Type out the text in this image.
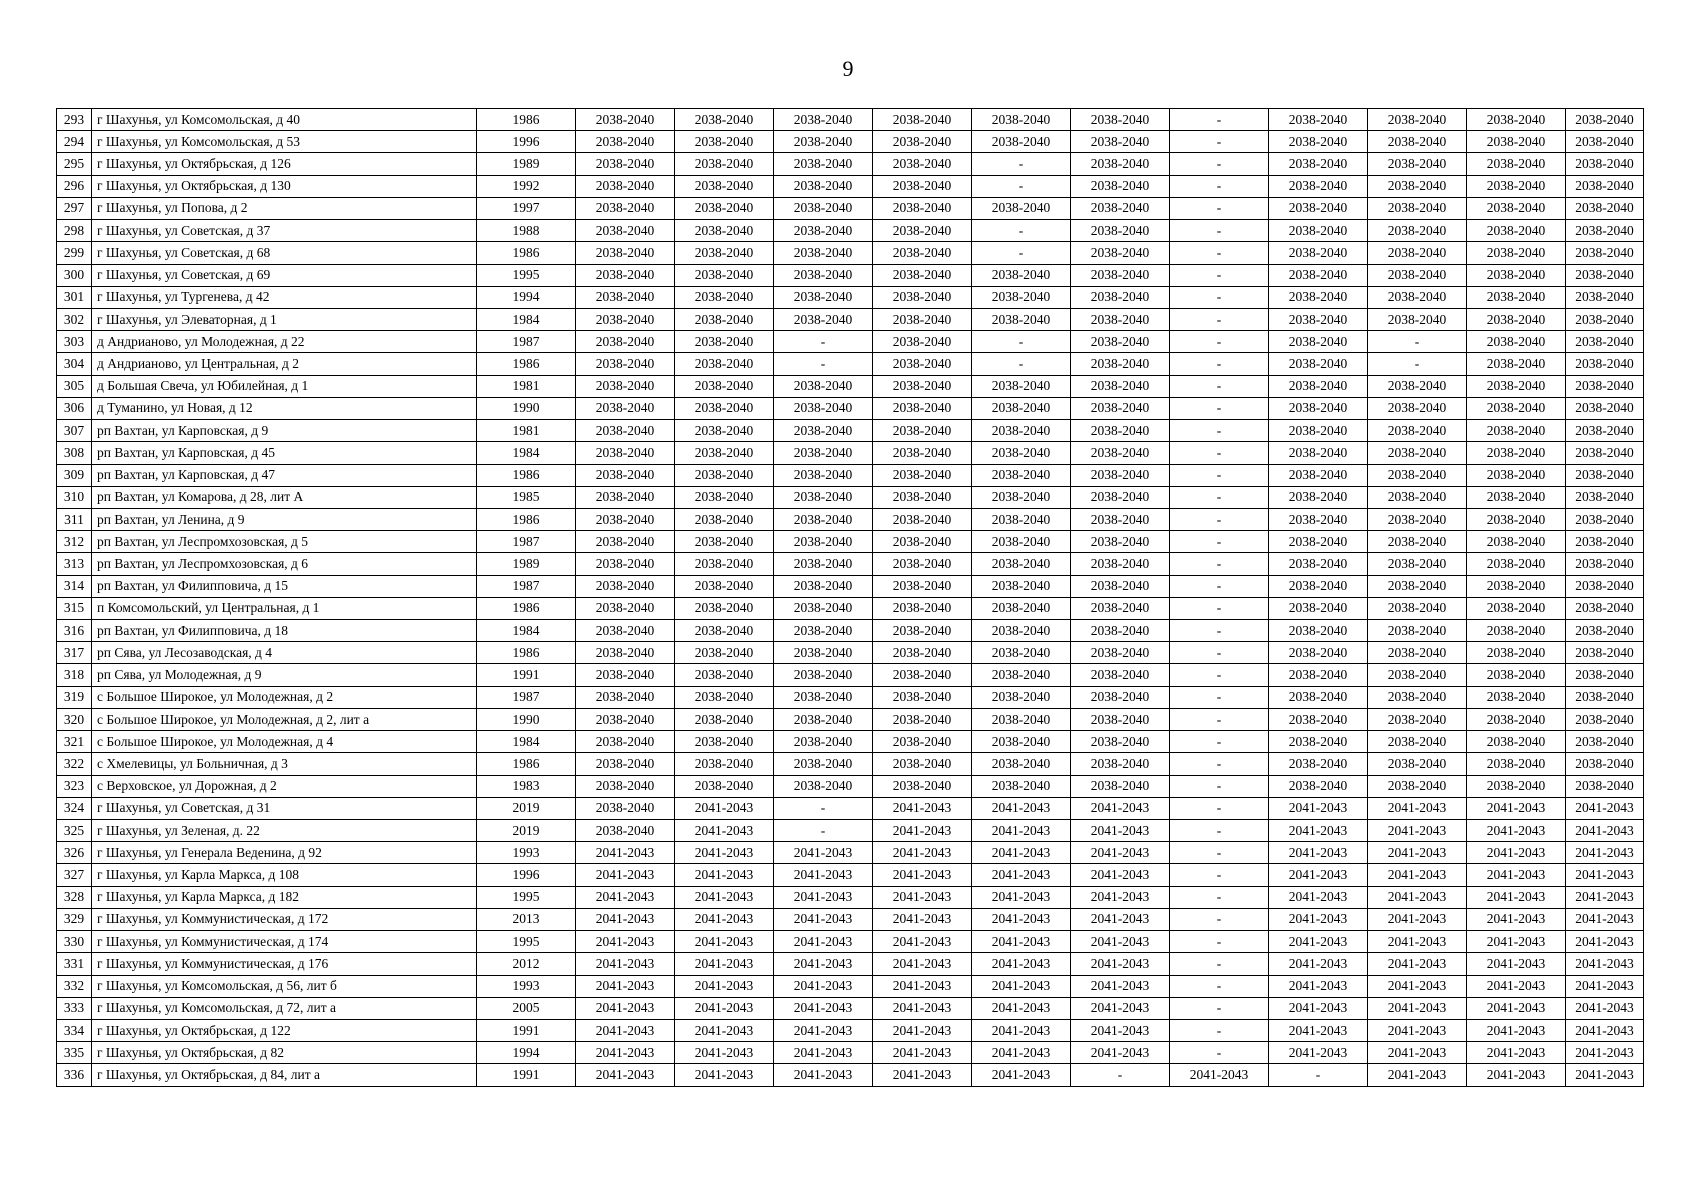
9
293	г Шахунья, ул Комсомольская, д 40	1986	2038-2040	2038-2040	2038-2040	2038-2040	2038-2040	2038-2040	-	2038-2040	2038-2040	2038-2040	2038-2040	
294	г Шахунья, ул Комсомольская, д 53	1996	2038-2040	2038-2040	2038-2040	2038-2040	2038-2040	2038-2040	-	2038-2040	2038-2040	2038-2040	2038-2040	
295	г Шахунья, ул Октябрьская, д 126	1989	2038-2040	2038-2040	2038-2040	2038-2040	-	2038-2040	-	2038-2040	2038-2040	2038-2040	2038-2040	
296	г Шахунья, ул Октябрьская, д 130	1992	2038-2040	2038-2040	2038-2040	2038-2040	-	2038-2040	-	2038-2040	2038-2040	2038-2040	2038-2040	
297	г Шахунья, ул Попова, д 2	1997	2038-2040	2038-2040	2038-2040	2038-2040	2038-2040	2038-2040	-	2038-2040	2038-2040	2038-2040	2038-2040	
298	г Шахунья, ул Советская, д 37	1988	2038-2040	2038-2040	2038-2040	2038-2040	-	2038-2040	-	2038-2040	2038-2040	2038-2040	2038-2040	
299	г Шахунья, ул Советская, д 68	1986	2038-2040	2038-2040	2038-2040	2038-2040	-	2038-2040	-	2038-2040	2038-2040	2038-2040	2038-2040	
300	г Шахунья, ул Советская, д 69	1995	2038-2040	2038-2040	2038-2040	2038-2040	2038-2040	2038-2040	-	2038-2040	2038-2040	2038-2040	2038-2040	
301	г Шахунья, ул Тургенева, д 42	1994	2038-2040	2038-2040	2038-2040	2038-2040	2038-2040	2038-2040	-	2038-2040	2038-2040	2038-2040	2038-2040	
302	г Шахунья, ул Элеваторная, д 1	1984	2038-2040	2038-2040	2038-2040	2038-2040	2038-2040	2038-2040	-	2038-2040	2038-2040	2038-2040	2038-2040	
303	д Андрианово, ул Молодежная, д 22	1987	2038-2040	2038-2040	-	2038-2040	-	2038-2040	-	2038-2040	-	2038-2040	2038-2040	
304	д Андрианово, ул Центральная, д 2	1986	2038-2040	2038-2040	-	2038-2040	-	2038-2040	-	2038-2040	-	2038-2040	2038-2040	
305	д Большая Свеча, ул Юбилейная, д 1	1981	2038-2040	2038-2040	2038-2040	2038-2040	2038-2040	2038-2040	-	2038-2040	2038-2040	2038-2040	2038-2040	
306	д Туманино, ул Новая, д 12	1990	2038-2040	2038-2040	2038-2040	2038-2040	2038-2040	2038-2040	-	2038-2040	2038-2040	2038-2040	2038-2040	
307	рп Вахтан, ул Карповская, д 9	1981	2038-2040	2038-2040	2038-2040	2038-2040	2038-2040	2038-2040	-	2038-2040	2038-2040	2038-2040	2038-2040	
308	рп Вахтан, ул Карповская, д 45	1984	2038-2040	2038-2040	2038-2040	2038-2040	2038-2040	2038-2040	-	2038-2040	2038-2040	2038-2040	2038-2040	
309	рп Вахтан, ул Карповская, д 47	1986	2038-2040	2038-2040	2038-2040	2038-2040	2038-2040	2038-2040	-	2038-2040	2038-2040	2038-2040	2038-2040	
310	рп Вахтан, ул Комарова, д 28, лит А	1985	2038-2040	2038-2040	2038-2040	2038-2040	2038-2040	2038-2040	-	2038-2040	2038-2040	2038-2040	2038-2040	
311	рп Вахтан, ул Ленина, д 9	1986	2038-2040	2038-2040	2038-2040	2038-2040	2038-2040	2038-2040	-	2038-2040	2038-2040	2038-2040	2038-2040	
312	рп Вахтан, ул Леспромхозовская, д 5	1987	2038-2040	2038-2040	2038-2040	2038-2040	2038-2040	2038-2040	-	2038-2040	2038-2040	2038-2040	2038-2040	
313	рп Вахтан, ул Леспромхозовская, д 6	1989	2038-2040	2038-2040	2038-2040	2038-2040	2038-2040	2038-2040	-	2038-2040	2038-2040	2038-2040	2038-2040	
314	рп Вахтан, ул Филипповича, д 15	1987	2038-2040	2038-2040	2038-2040	2038-2040	2038-2040	2038-2040	-	2038-2040	2038-2040	2038-2040	2038-2040	
315	п Комсомольский, ул Центральная, д 1	1986	2038-2040	2038-2040	2038-2040	2038-2040	2038-2040	2038-2040	-	2038-2040	2038-2040	2038-2040	2038-2040	
316	рп Вахтан, ул Филипповича, д 18	1984	2038-2040	2038-2040	2038-2040	2038-2040	2038-2040	2038-2040	-	2038-2040	2038-2040	2038-2040	2038-2040	
317	рп Сява, ул Лесозаводская, д 4	1986	2038-2040	2038-2040	2038-2040	2038-2040	2038-2040	2038-2040	-	2038-2040	2038-2040	2038-2040	2038-2040	
318	рп Сява, ул Молодежная, д 9	1991	2038-2040	2038-2040	2038-2040	2038-2040	2038-2040	2038-2040	-	2038-2040	2038-2040	2038-2040	2038-2040	
319	с Большое Широкое, ул Молодежная, д 2	1987	2038-2040	2038-2040	2038-2040	2038-2040	2038-2040	2038-2040	-	2038-2040	2038-2040	2038-2040	2038-2040	
320	с Большое Широкое, ул Молодежная, д 2, лит а	1990	2038-2040	2038-2040	2038-2040	2038-2040	2038-2040	2038-2040	-	2038-2040	2038-2040	2038-2040	2038-2040	
321	с Большое Широкое, ул Молодежная, д 4	1984	2038-2040	2038-2040	2038-2040	2038-2040	2038-2040	2038-2040	-	2038-2040	2038-2040	2038-2040	2038-2040	
322	с Хмелевицы, ул Больничная, д 3	1986	2038-2040	2038-2040	2038-2040	2038-2040	2038-2040	2038-2040	-	2038-2040	2038-2040	2038-2040	2038-2040	
323	с Верховское, ул Дорожная, д 2	1983	2038-2040	2038-2040	2038-2040	2038-2040	2038-2040	2038-2040	-	2038-2040	2038-2040	2038-2040	2038-2040	
324	г Шахунья, ул Советская, д 31	2019	2038-2040	2041-2043	-	2041-2043	2041-2043	2041-2043	-	2041-2043	2041-2043	2041-2043	2041-2043	
325	г Шахунья, ул Зеленая, д. 22	2019	2038-2040	2041-2043	-	2041-2043	2041-2043	2041-2043	-	2041-2043	2041-2043	2041-2043	2041-2043	
326	г Шахунья, ул Генерала Веденина, д 92	1993	2041-2043	2041-2043	2041-2043	2041-2043	2041-2043	2041-2043	-	2041-2043	2041-2043	2041-2043	2041-2043	
327	г Шахунья, ул Карла Маркса, д 108	1996	2041-2043	2041-2043	2041-2043	2041-2043	2041-2043	2041-2043	-	2041-2043	2041-2043	2041-2043	2041-2043	
328	г Шахунья, ул Карла Маркса, д 182	1995	2041-2043	2041-2043	2041-2043	2041-2043	2041-2043	2041-2043	-	2041-2043	2041-2043	2041-2043	2041-2043	
329	г Шахунья, ул Коммунистическая, д 172	2013	2041-2043	2041-2043	2041-2043	2041-2043	2041-2043	2041-2043	-	2041-2043	2041-2043	2041-2043	2041-2043	
330	г Шахунья, ул Коммунистическая, д 174	1995	2041-2043	2041-2043	2041-2043	2041-2043	2041-2043	2041-2043	-	2041-2043	2041-2043	2041-2043	2041-2043	
331	г Шахунья, ул Коммунистическая, д 176	2012	2041-2043	2041-2043	2041-2043	2041-2043	2041-2043	2041-2043	-	2041-2043	2041-2043	2041-2043	2041-2043	
332	г Шахунья, ул Комсомольская, д 56, лит б	1993	2041-2043	2041-2043	2041-2043	2041-2043	2041-2043	2041-2043	-	2041-2043	2041-2043	2041-2043	2041-2043	
333	г Шахунья, ул Комсомольская, д 72, лит а	2005	2041-2043	2041-2043	2041-2043	2041-2043	2041-2043	2041-2043	-	2041-2043	2041-2043	2041-2043	2041-2043	
334	г Шахунья, ул Октябрьская, д 122	1991	2041-2043	2041-2043	2041-2043	2041-2043	2041-2043	2041-2043	-	2041-2043	2041-2043	2041-2043	2041-2043	
335	г Шахунья, ул Октябрьская, д 82	1994	2041-2043	2041-2043	2041-2043	2041-2043	2041-2043	2041-2043	-	2041-2043	2041-2043	2041-2043	2041-2043	
336	г Шахунья, ул Октябрьская, д 84, лит а	1991	2041-2043	2041-2043	2041-2043	2041-2043	2041-2043	-	2041-2043	-	2041-2043	2041-2043	2041-2043	
